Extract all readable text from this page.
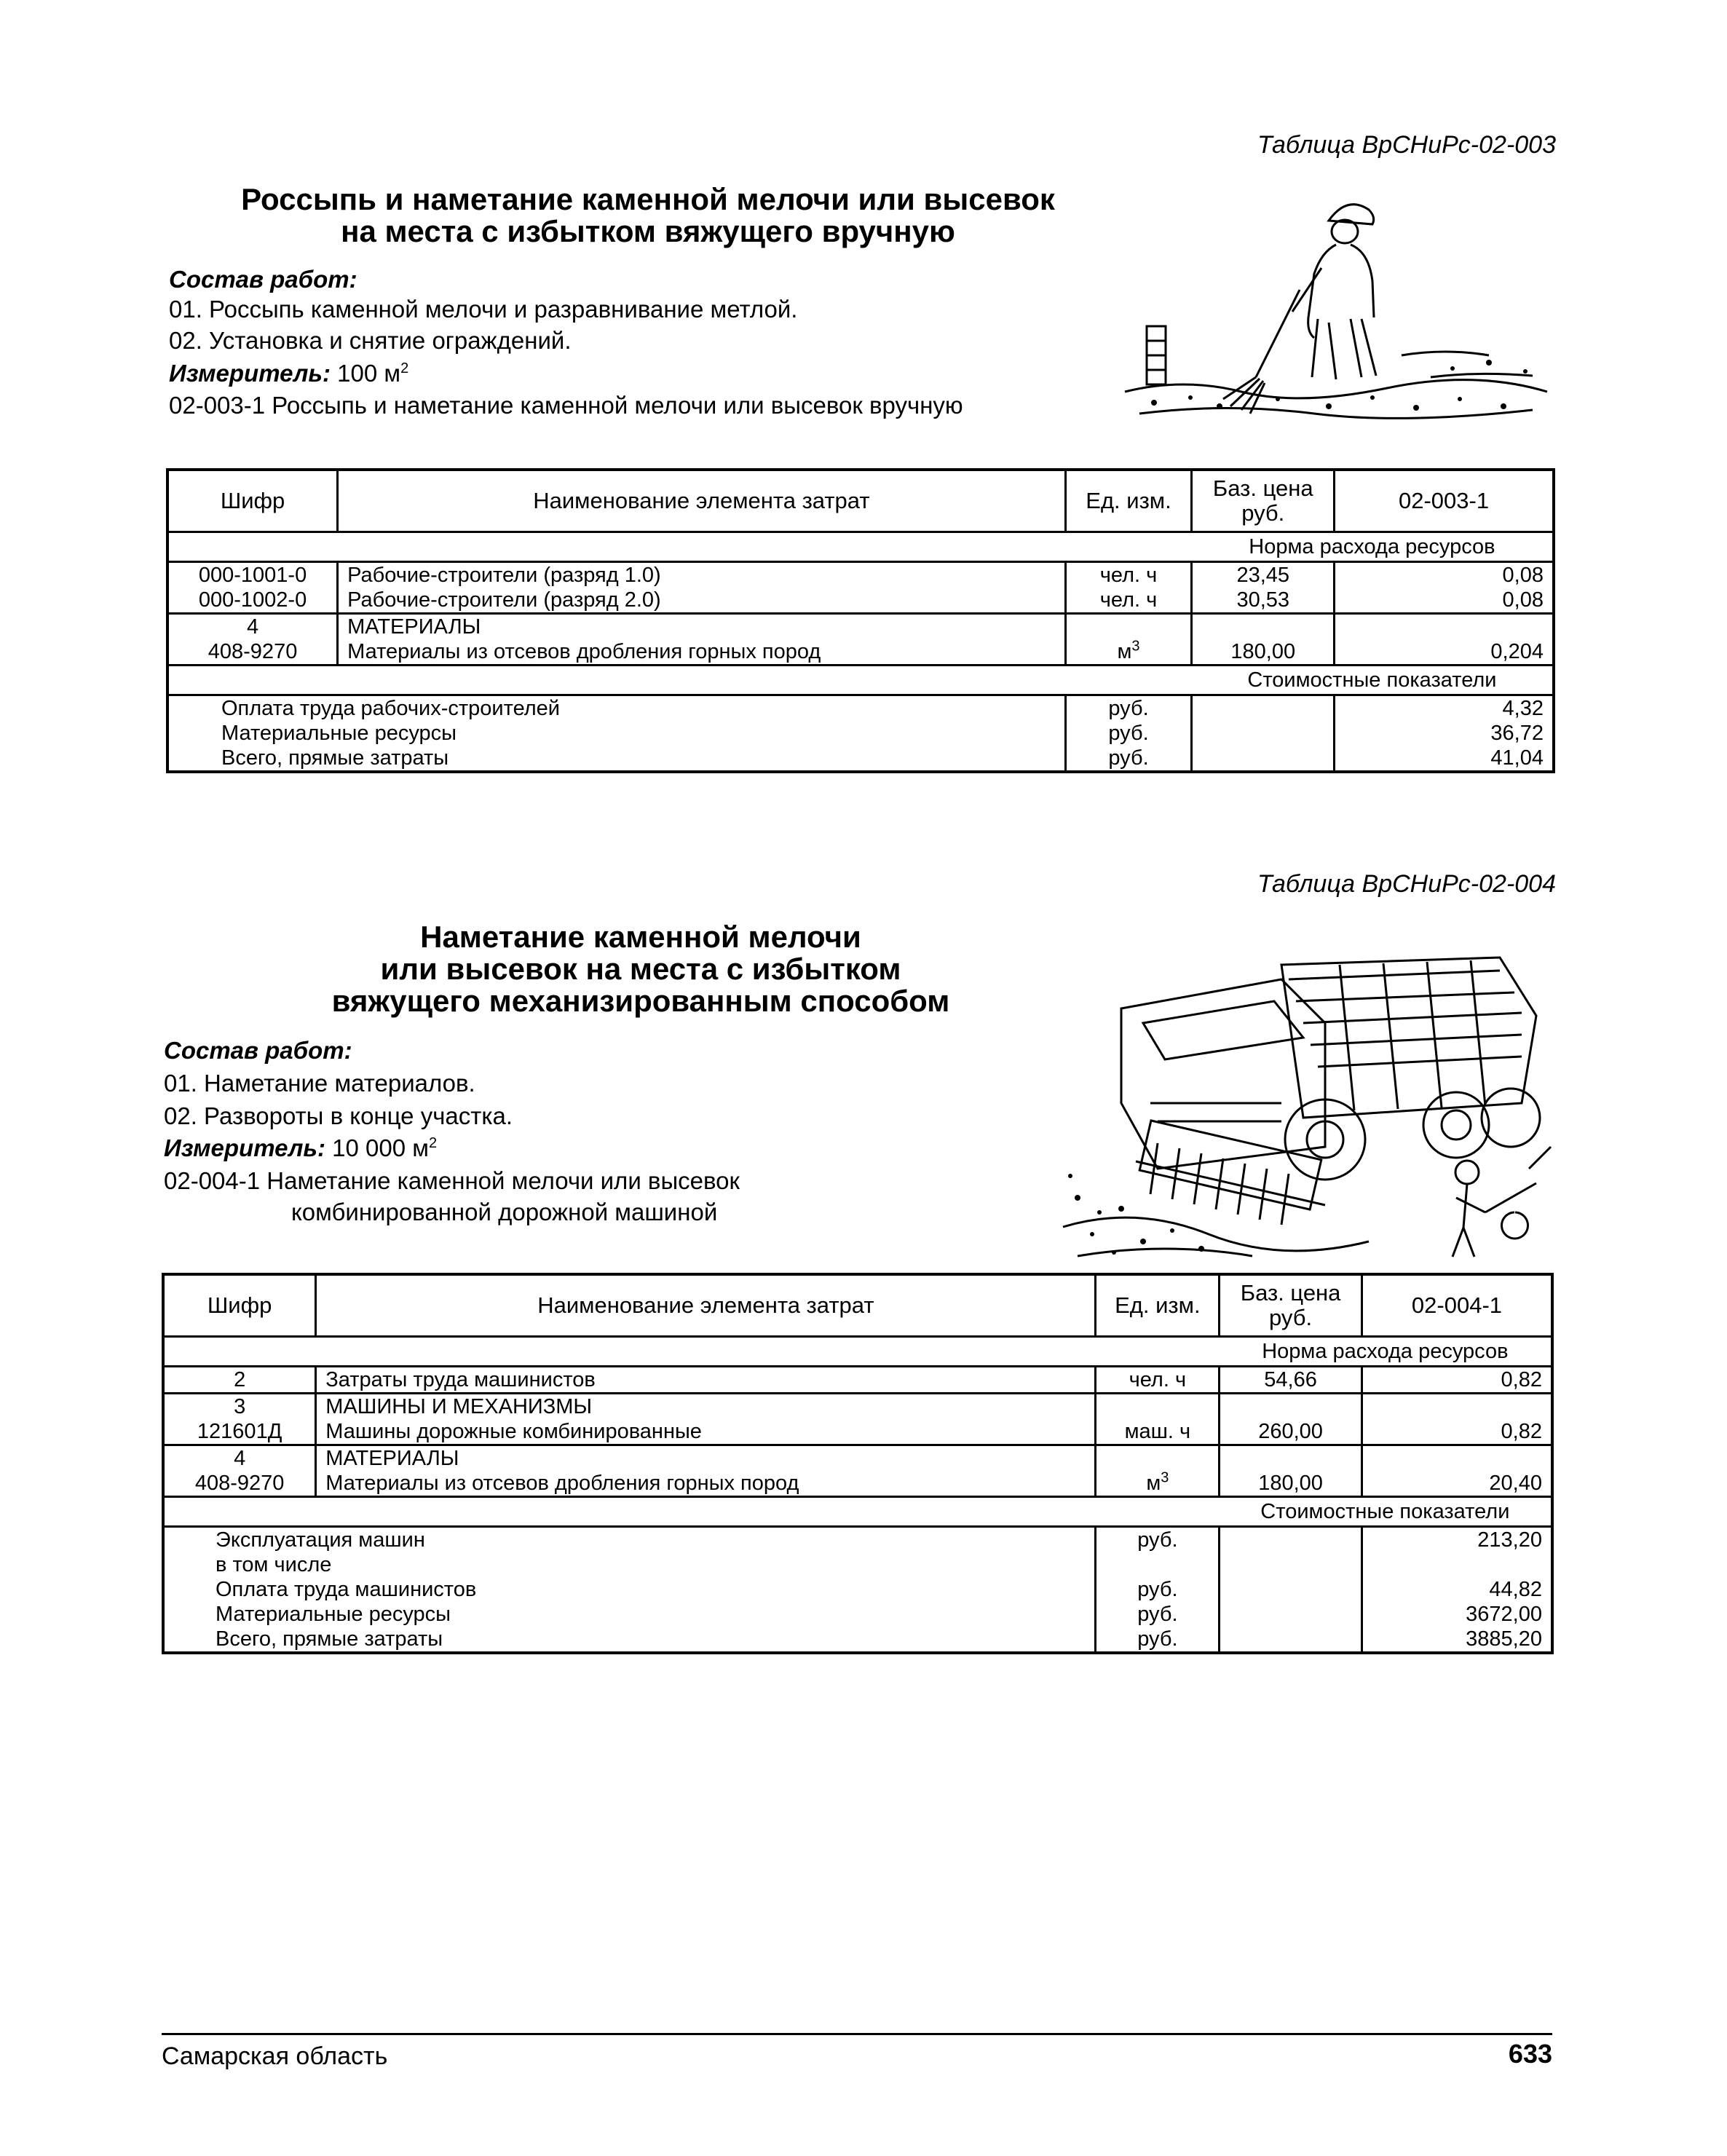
Таблица ВрСНиРс-02-003
Россыпь и наметание каменной мелочи или высевок
на места с избытком вяжущего вручную
Состав работ:
01. Россыпь каменной мелочи и разравнивание метлой.
02. Установка и снятие ограждений.
Измеритель: 100 $м^2$
02-003-1 Россыпь и наметание каменной мелочи или высевок вручную
Шифр	Наименование элемента затрат	Ед. изм.	Баз. цена руб.	02-003-1
			Норма расхода ресурсов	
000-1001-0	Рабочие-строители (разряд 1.0)	чел. ч	23,45	0,08
000-1002-0	Рабочие-строители (разряд 2.0)	чел. ч	30,53	0,08
4	МАТЕРИАЛЫ			
408-9270	Материалы из отсевов дробления горных пород	$м^3$	180,00	0,204
			Стоимостные показатели	
Оплата труда рабочих-строителей		руб.		4,32
Материальные ресурсы		руб.		36,72
Всего, прямые затраты		руб.		41,04
Таблица ВрСНиРс-02-004
Наметание каменной мелочи
или высевок на места с избытком
вяжущего механизированным способом
Состав работ:
01. Наметание материалов.
02. Развороты в конце участка.
Измеритель: 10 000 $м^2$
02-004-1 Наметание каменной мелочи или высевок
комбинированной дорожной машиной
Шифр	Наименование элемента затрат	Ед. изм.	Баз. цена руб.	02-004-1
			Норма расхода ресурсов	
2	Затраты труда машинистов	чел. ч	54,66	0,82
3	МАШИНЫ И МЕХАНИЗМЫ			
121601Д	Машины дорожные комбинированные	маш. ч	260,00	0,82
4	МАТЕРИАЛЫ			
408-9270	Материалы из отсевов дробления горных пород	$м^3$	180,00	20,40
			Стоимостные показатели	
Эксплуатация машин		руб.		213,20
в том числе				
Оплата труда машинистов		руб.		44,82
Материальные ресурсы		руб.		3672,00
Всего, прямые затраты		руб.		3885,20
Самарская область	633
